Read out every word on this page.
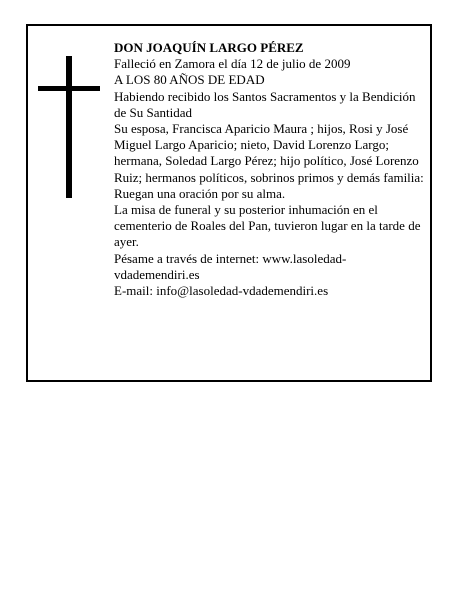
DON JOAQUÍN LARGO PÉREZ

Falleció en Zamora el día 12 de julio de 2009

A LOS 80 AÑOS DE EDAD

Habiendo recibido los Santos Sacramentos y la Bendición de Su Santidad

Su esposa, Francisca Aparicio Maura ; hijos, Rosi y José Miguel Largo Aparicio; nieto, David Lorenzo Largo; hermana, Soledad Largo Pérez; hijo político, José Lorenzo Ruiz; hermanos políticos, sobrinos primos y demás familia:

Ruegan una oración por su alma.

La misa de funeral y su posterior inhumación en el cementerio de Roales del Pan, tuvieron lugar en la tarde de ayer.

Pésame a través de internet: www.lasoledad-vdademendiri.es

E-mail: info@lasoledad-vdademendiri.es
